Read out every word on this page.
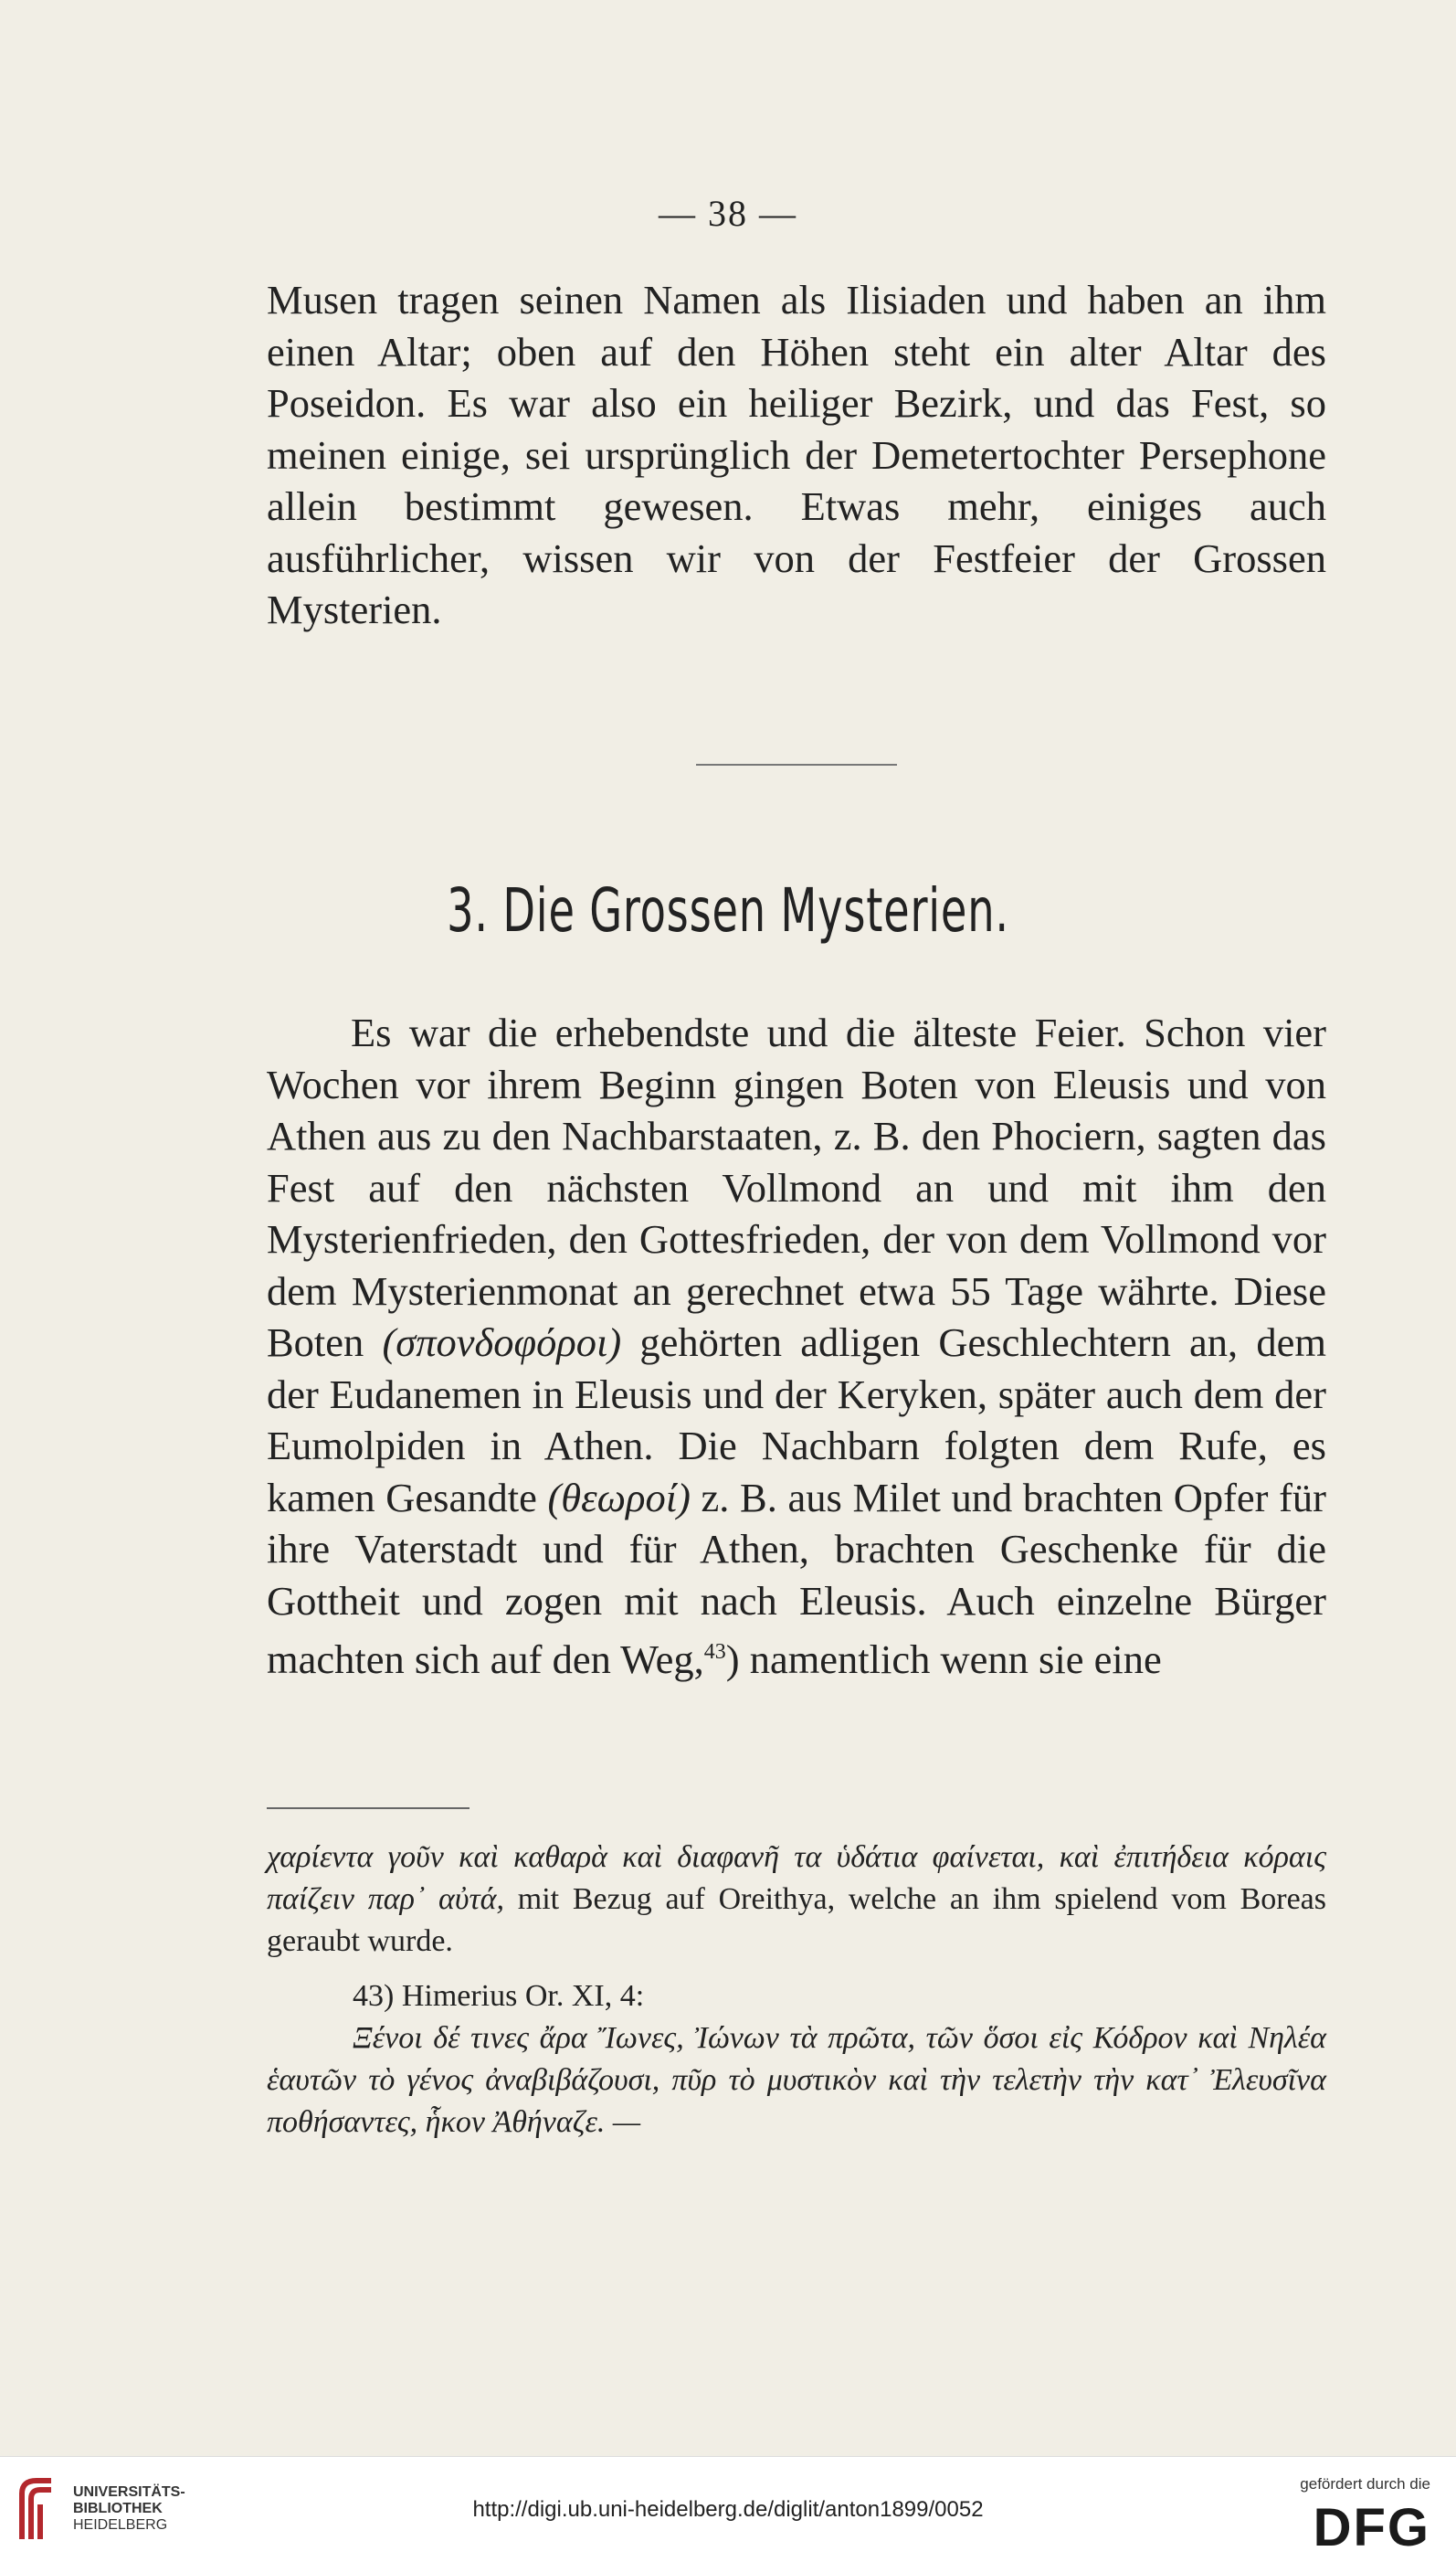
— 38 —

Musen tragen seinen Namen als Ilisiaden und haben an ihm einen Altar; oben auf den Höhen steht ein alter Altar des Poseidon. Es war also ein heiliger Bezirk, und das Fest, so meinen einige, sei ursprünglich der Demetertochter Persephone allein bestimmt gewesen. Etwas mehr, einiges auch ausführlicher, wissen wir von der Festfeier der Grossen Mysterien.

3. Die Grossen Mysterien.

Es war die erhebendste und die älteste Feier. Schon vier Wochen vor ihrem Beginn gingen Boten von Eleusis und von Athen aus zu den Nachbarstaaten, z. B. den Phociern, sagten das Fest auf den nächsten Vollmond an und mit ihm den Mysterienfrieden, den Gottesfrieden, der von dem Vollmond vor dem Mysterienmonat an gerechnet etwa 55 Tage währte. Diese Boten (σπονδοφόροι) gehörten adligen Geschlechtern an, dem der Eudanemen in Eleusis und der Keryken, später auch dem der Eumolpiden in Athen. Die Nachbarn folgten dem Rufe, es kamen Gesandte (θεωροί) z. B. aus Milet und brachten Opfer für ihre Vaterstadt und für Athen, brachten Geschenke für die Gottheit und zogen mit nach Eleusis. Auch einzelne Bürger machten sich auf den Weg,$^{43}$) namentlich wenn sie eine

χαρίεντα γοῦν καὶ καθαρὰ καὶ διαφανῆ τα ὑδάτια φαίνεται, καὶ ἐπιτήδεια κόραις παίζειν παρ᾽ αὐτά, mit Bezug auf Oreithya, welche an ihm spielend vom Boreas geraubt wurde.

43) Himerius Or. XI, 4:

Ξένοι δέ τινες ἄρα Ἴωνες, Ἰώνων τὰ πρῶτα, τῶν ὅσοι εἰς Κόδρον καὶ Νηλέα ἑαυτῶν τὸ γένος ἀναβιβάζουσι, πῦρ τὸ μυστικὸν καὶ τὴν τελετὴν τὴν κατ᾽ Ἐλευσῖνα ποθήσαντες, ἧκον Ἀθήναζε. —

UNIVERSITÄTS-
BIBLIOTHEK
HEIDELBERG
http://digi.ub.uni-heidelberg.de/diglit/anton1899/0052
gefördert durch die
DFG
